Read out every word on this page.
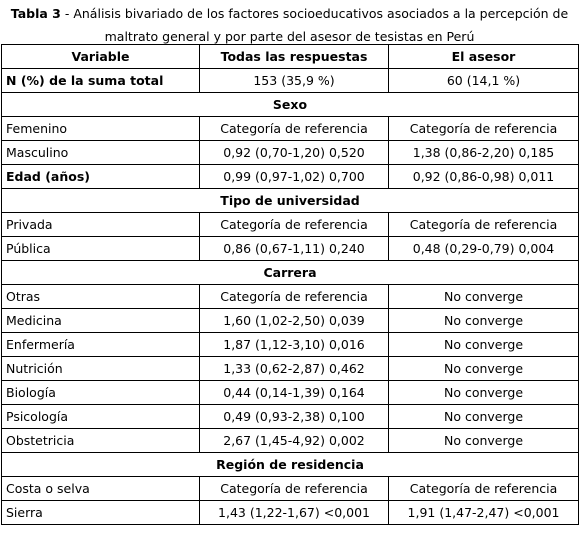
Tabla 3 - Análisis bivariado de los factores socioeducativos asociados a la percepción de maltrato general y por parte del asesor de tesistas en Perú
Variable	Todas las respuestas	El asesor
N (%) de la suma total	153 (35,9 %)	60 (14,1 %)
Sexo		
Femenino	Categoría de referencia	Categoría de referencia
Masculino	0,92 (0,70-1,20) 0,520	1,38 (0,86-2,20) 0,185
Edad (años)	0,99 (0,97-1,02) 0,700	0,92 (0,86-0,98) 0,011
Tipo de universidad		
Privada	Categoría de referencia	Categoría de referencia
Pública	0,86 (0,67-1,11) 0,240	0,48 (0,29-0,79) 0,004
Carrera		
Otras	Categoría de referencia	No converge
Medicina	1,60 (1,02-2,50) 0,039	No converge
Enfermería	1,87 (1,12-3,10) 0,016	No converge
Nutrición	1,33 (0,62-2,87) 0,462	No converge
Biología	0,44 (0,14-1,39) 0,164	No converge
Psicología	0,49 (0,93-2,38) 0,100	No converge
Obstetricia	2,67 (1,45-4,92) 0,002	No converge
Región de residencia		
Costa o selva	Categoría de referencia	Categoría de referencia
Sierra	1,43 (1,22-1,67) <0,001	1,91 (1,47-2,47) <0,001
